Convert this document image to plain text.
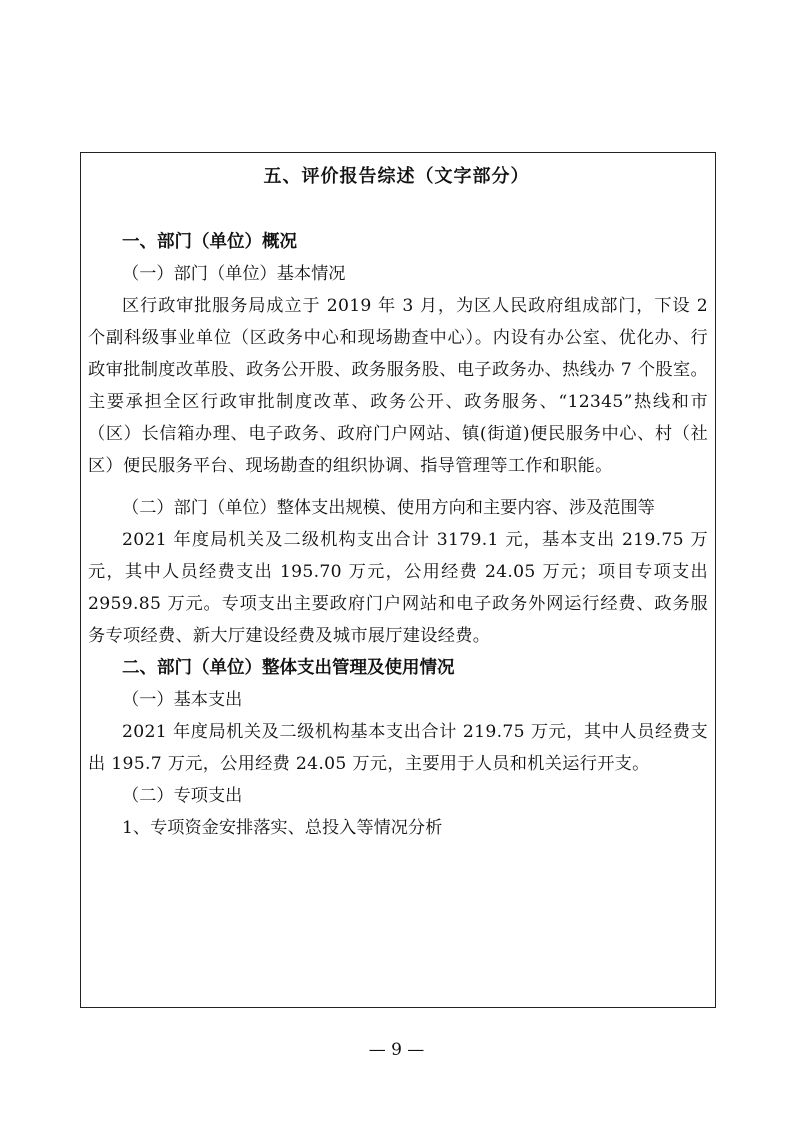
五、评价报告综述（文字部分）

一、部门（单位）概况

（一）部门（单位）基本情况

区行政审批服务局成立于 2019 年 3 月，为区人民政府组成部门，下设 2 个副科级事业单位（区政务中心和现场勘查中心）。内设有办公室、优化办、行政审批制度改革股、政务公开股、政务服务股、电子政务办、热线办 7 个股室。主要承担全区行政审批制度改革、政务公开、政务服务、“12345”热线和市（区）长信箱办理、电子政务、政府门户网站、镇(街道)便民服务中心、村（社区）便民服务平台、现场勘查的组织协调、指导管理等工作和职能。

（二）部门（单位）整体支出规模、使用方向和主要内容、涉及范围等

2021 年度局机关及二级机构支出合计 3179.1 元，基本支出 219.75 万元，其中人员经费支出 195.70 万元，公用经费 24.05 万元；项目专项支出 2959.85 万元。专项支出主要政府门户网站和电子政务外网运行经费、政务服务专项经费、新大厅建设经费及城市展厅建设经费。

二、部门（单位）整体支出管理及使用情况

（一）基本支出

2021 年度局机关及二级机构基本支出合计 219.75 万元，其中人员经费支出 195.7 万元，公用经费 24.05 万元，主要用于人员和机关运行开支。

（二）专项支出

1、专项资金安排落实、总投入等情况分析

— 9 —
